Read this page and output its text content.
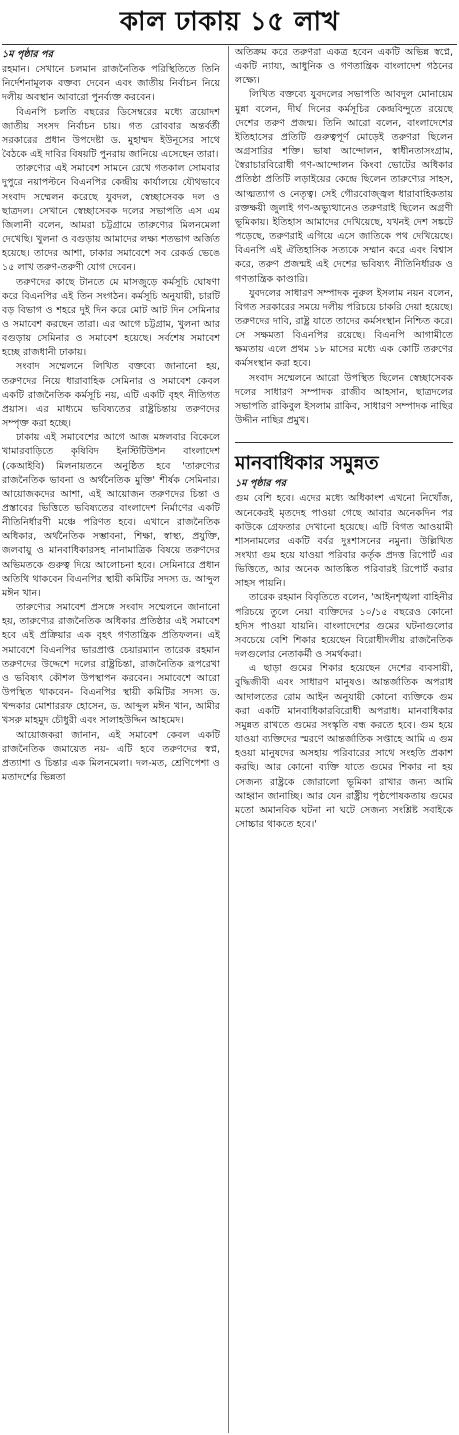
কাল ঢাকায় ১৫ লাখ
১ম পৃষ্ঠার পর

রহমান। সেখানে চলমান রাজনৈতিক পরিস্থিতিতে তিনি নির্দেশনামূলক বক্তব্য দেবেন এবং জাতীয় নির্বাচন নিয়ে দলীয় অবস্থান আবারো পুনর্ব্যক্ত করবেন।

বিএনপি চলতি বছরের ডিসেম্বরের মধ্যে ত্রয়োদশ জাতীয় সংসদ নির্বাচন চায়। গত রোববার অন্তর্বর্তী সরকারের প্রধান উপদেষ্টা ড. মুহাম্মদ ইউনূসের সাথে বৈঠকে এই দাবির বিষয়টি পুনরায় জানিয়ে এসেছেন তারা।

তারুণ্যের এই সমাবেশ সামনে রেখে গতকাল সোমবার দুপুরে নয়াপল্টনে বিএনপির কেন্দ্রীয় কার্যালয়ে যৌথভাবে সংবাদ সম্মেলন করেছে যুবদল, স্বেচ্ছাসেবক দল ও ছাত্রদল। সেখানে স্বেচ্ছাসেবক দলের সভাপতি এস এম জিলানী বলেন, আমরা চট্টগ্রামে তারুণ্যের মিলনমেলা দেখেছি। খুলনা ও বগুড়ায় আমাদের লক্ষ্য শতভাগ অর্জিত হয়েছে। তাদের আশা, ঢাকার সমাবেশে সব রেকর্ড ভেঙে ১৫ লাখ তরুণ-তরুণী যোগ দেবেন।

তরুণদের কাছে টানতে মে মাসজুড়ে কর্মসূচি ঘোষণা করে বিএনপির এই তিন সংগঠন। কর্মসূচি অনুযায়ী, চারটি বড় বিভাগ ও শহরে দুই দিন করে মোট আট দিন সেমিনার ও সমাবেশ করছেন তারা। এর আগে চট্টগ্রাম, খুলনা আর বগুড়ায় সেমিনার ও সমাবেশ হয়েছে। সর্বশেষ সমাবেশ হচ্ছে রাজধানী ঢাকায়।

সংবাদ সম্মেলনে লিখিত বক্তব্যে জানানো হয়, তরুণদের নিয়ে ধারাবাহিক সেমিনার ও সমাবেশ কেবল একটি রাজনৈতিক কর্মসূচি নয়, এটি একটি বৃহৎ নীতিগত প্রয়াস। এর মাধ্যমে ভবিষ্যতের রাষ্ট্রচিন্তায় তরুণদের সম্পৃক্ত করা হচ্ছে।

ঢাকায় এই সমাবেশের আগে আজ মঙ্গলবার বিকেলে খামারবাড়িতে কৃষিবিদ ইনস্টিটিউশন বাংলাদেশ (কেআইবি) মিলনায়তনে অনুষ্ঠিত হবে 'তারুণ্যের রাজনৈতিক ভাবনা ও অর্থনৈতিক মুক্তি' শীর্ষক সেমিনার। আয়োজকদের আশা, এই আয়োজন তরুণদের চিন্তা ও প্রস্তাবের ভিত্তিতে ভবিষ্যতের বাংলাদেশ নির্মাণের একটি নীতিনির্ধারণী মঞ্চে পরিণত হবে। এখানে রাজনৈতিক অধিকার, অর্থনৈতিক সম্ভাবনা, শিক্ষা, স্বাস্থ্য, প্রযুক্তি, জলবায়ু ও মানবাধিকারসহ নানামাত্রিক বিষয়ে তরুণদের অভিমতকে গুরুত্ব দিয়ে আলোচনা হবে। সেমিনারে প্রধান অতিথি থাকবেন বিএনপির স্থায়ী কমিটির সদস্য ড. আব্দুল মঈন খান।

তারুণ্যের সমাবেশ প্রসঙ্গে সংবাদ সম্মেলনে জানানো হয়, তারুণ্যের রাজনৈতিক অধিকার প্রতিষ্ঠার এই সমাবেশ হবে এই প্রক্রিয়ার এক বৃহৎ গণতান্ত্রিক প্রতিফলন। এই সমাবেশে বিএনপির ভারপ্রাপ্ত চেয়ারম্যান তারেক রহমান তরুণদের উদ্দেশে দলের রাষ্ট্রচিন্তা, রাজনৈতিক রূপরেখা ও ভবিষ্যৎ কৌশল উপস্থাপন করবেন। সমাবেশে আরো উপস্থিত থাকবেন- বিএনপির স্থায়ী কমিটির সদস্য ড. খন্দকার মোশাররফ হোসেন, ড. আব্দুল মঈন খান, আমীর খসরু মাহমুদ চৌধুরী এবং সালাহউদ্দিন আহমেদ।

আয়োজকরা জানান, এই সমাবেশ কেবল একটি রাজনৈতিক জমায়েত নয়- এটি হবে তরুণদের স্বপ্ন, প্রত্যাশা ও চিন্তার এক মিলনমেলা। দল-মত, শ্রেণিপেশা ও মতাদর্শের ভিন্নতা

অতিক্রম করে তরুণরা একত্র হবেন একটি অভিন্ন স্বপ্নে, একটি ন্যায্য, আধুনিক ও গণতান্ত্রিক বাংলাদেশ গঠনের লক্ষ্যে।

লিখিত বক্তব্যে যুবদলের সভাপতি আবদুল মোনায়েম মুন্না বলেন, দীর্ঘ দিনের কর্মসূচির কেন্দ্রবিন্দুতে রয়েছে দেশের তরুণ প্রজন্ম। তিনি আরো বলেন, বাংলাদেশের ইতিহাসের প্রতিটি গুরুত্বপূর্ণ মোড়েই তরুণরা ছিলেন অগ্রসারির শক্তি। ভাষা আন্দোলন, স্বাধীনতাসংগ্রাম, স্বৈরাচারবিরোধী গণ-আন্দোলন কিংবা ভোটের অধিকার প্রতিষ্ঠা প্রতিটি লড়াইয়ের কেন্দ্রে ছিলেন তারুণ্যের সাহস, আত্মত্যাগ ও নেতৃত্ব। সেই গৌরবোজ্জ্বল ধারাবাহিকতায় রক্তক্ষয়ী জুলাই গণ-অভ্যুত্থানেও তরুণরাই ছিলেন অগ্রণী ভূমিকায়। ইতিহাস আমাদের দেখিয়েছে, যখনই দেশ সঙ্কটে পড়েছে, তরুণরাই এগিয়ে এসে জাতিকে পথ দেখিয়েছে। বিএনপি এই ঐতিহাসিক সত্যকে সম্মান করে এবং বিশ্বাস করে, তরুণ প্রজন্মই এই দেশের ভবিষ্যৎ নীতিনির্ধারক ও গণতান্ত্রিক কাণ্ডারি।

যুবদলের সাধারণ সম্পাদক নুরুল ইসলাম নয়ন বলেন, বিগত সরকারের সময়ে দলীয় পরিচয়ে চাকরি দেয়া হয়েছে। তরুণদের দাবি, রাষ্ট্র যাতে তাদের কর্মসংস্থান নিশ্চিত করে। সে সক্ষমতা বিএনপির রয়েছে। বিএনপি আগামীতে ক্ষমতায় এলে প্রথম ১৮ মাসের মধ্যে এক কোটি তরুণের কর্মসংস্থান করা হবে।

সংবাদ সম্মেলনে আরো উপস্থিত ছিলেন স্বেচ্ছাসেবক দলের সাধারণ সম্পাদক রাজীব আহসান, ছাত্রদলের সভাপতি রাকিবুল ইসলাম রাকিব, সাধারণ সম্পাদক নাছির উদ্দীন নাছির প্রমুখ।

মানবাধিকার সমুন্নত
১ম পৃষ্ঠার পর

গুম বেশি হবে। এদের মধ্যে অধিকাংশ এখনো নিখোঁজ, অনেকেরই মৃতদেহ পাওয়া গেছে আবার অনেকদিন পর কাউকে গ্রেফতার দেখানো হয়েছে। এটি বিগত আওয়ামী শাসনামলের একটি বর্বর দুঃশাসনের নমুনা। উল্লিখিত সংখ্যা গুম হয়ে যাওয়া পরিবার কর্তৃক প্রদত্ত রিপোর্ট এর ভিত্তিতে, আর অনেক আতঙ্কিত পরিবারই রিপোর্ট করার সাহস পায়নি।

তারেক রহমান বিবৃতিতে বলেন, 'আইনশৃঙ্খলা বাহিনীর পরিচয়ে তুলে নেয়া ব্যক্তিদের ১০/১৫ বছরেও কোনো হদিস পাওয়া যায়নি। বাংলাদেশের গুমের ঘটনাগুলোর সবচেয়ে বেশি শিকার হয়েছেন বিরোধীদলীয় রাজনৈতিক দলগুলোর নেতাকর্মী ও সমর্থকরা।

এ ছাড়া গুমের শিকার হয়েছেন দেশের ব্যবসায়ী, বুদ্ধিজীবী এবং সাধারণ মানুষও। আন্তর্জাতিক অপরাধ আদালতের রোম আইন অনুযায়ী কোনো ব্যক্তিকে গুম করা একটি মানবাধিকারবিরোধী অপরাধ। মানবাধিকার সমুন্নত রাখতে গুমের সংস্কৃতি বন্ধ করতে হবে। গুম হয়ে যাওয়া ব্যক্তিদের স্মরণে আন্তর্জাতিক সপ্তাহে আমি এ গুম হওয়া মানুষদের অসহায় পরিবারের সাথে সংহতি প্রকাশ করছি। আর কোনো ব্যক্তি যাতে গুমের শিকার না হয় সেজন্য রাষ্ট্রকে জোরালো ভূমিকা রাখার জন্য আমি আহ্বান জানাচ্ছি। আর যেন রাষ্ট্রীয় পৃষ্ঠপোষকতায় গুমের মতো অমানবিক ঘটনা না ঘটে সেজন্য সংশ্লিষ্ট সবাইকে সোচ্চার থাকতে হবে।'
